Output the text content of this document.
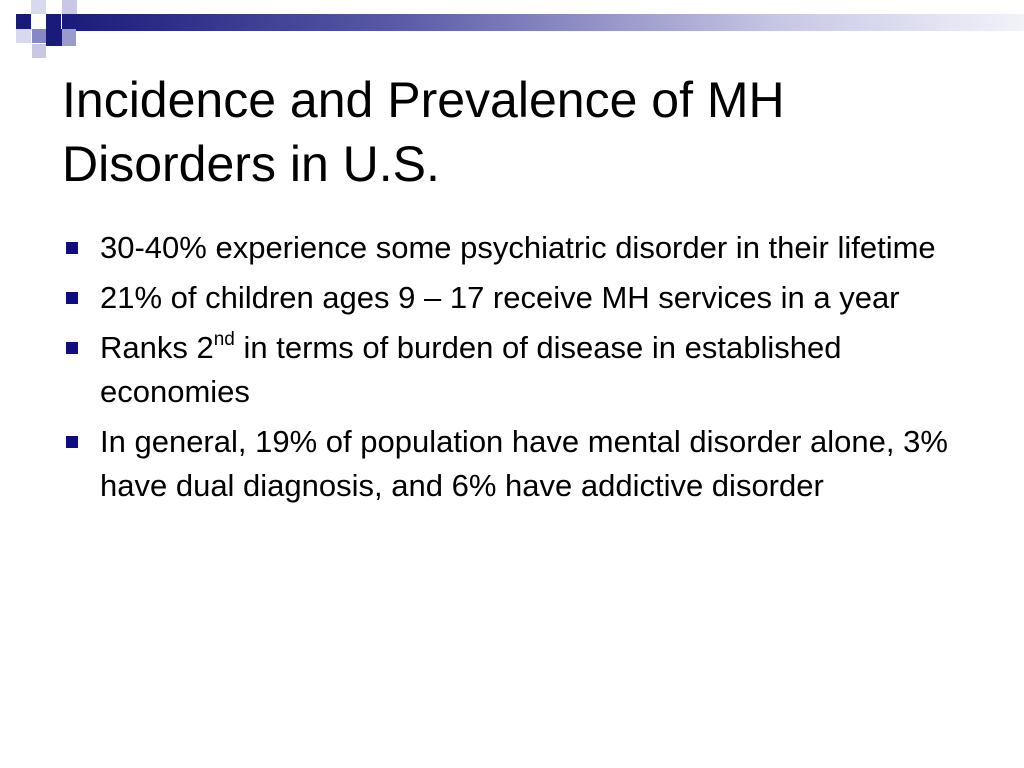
Incidence and Prevalence of MH Disorders in U.S.
30-40% experience some psychiatric disorder in their lifetime
21% of children ages 9 – 17 receive MH services in a year
Ranks 2nd in terms of burden of disease in established economies
In general, 19% of population have mental disorder alone, 3% have dual diagnosis, and 6% have addictive disorder
